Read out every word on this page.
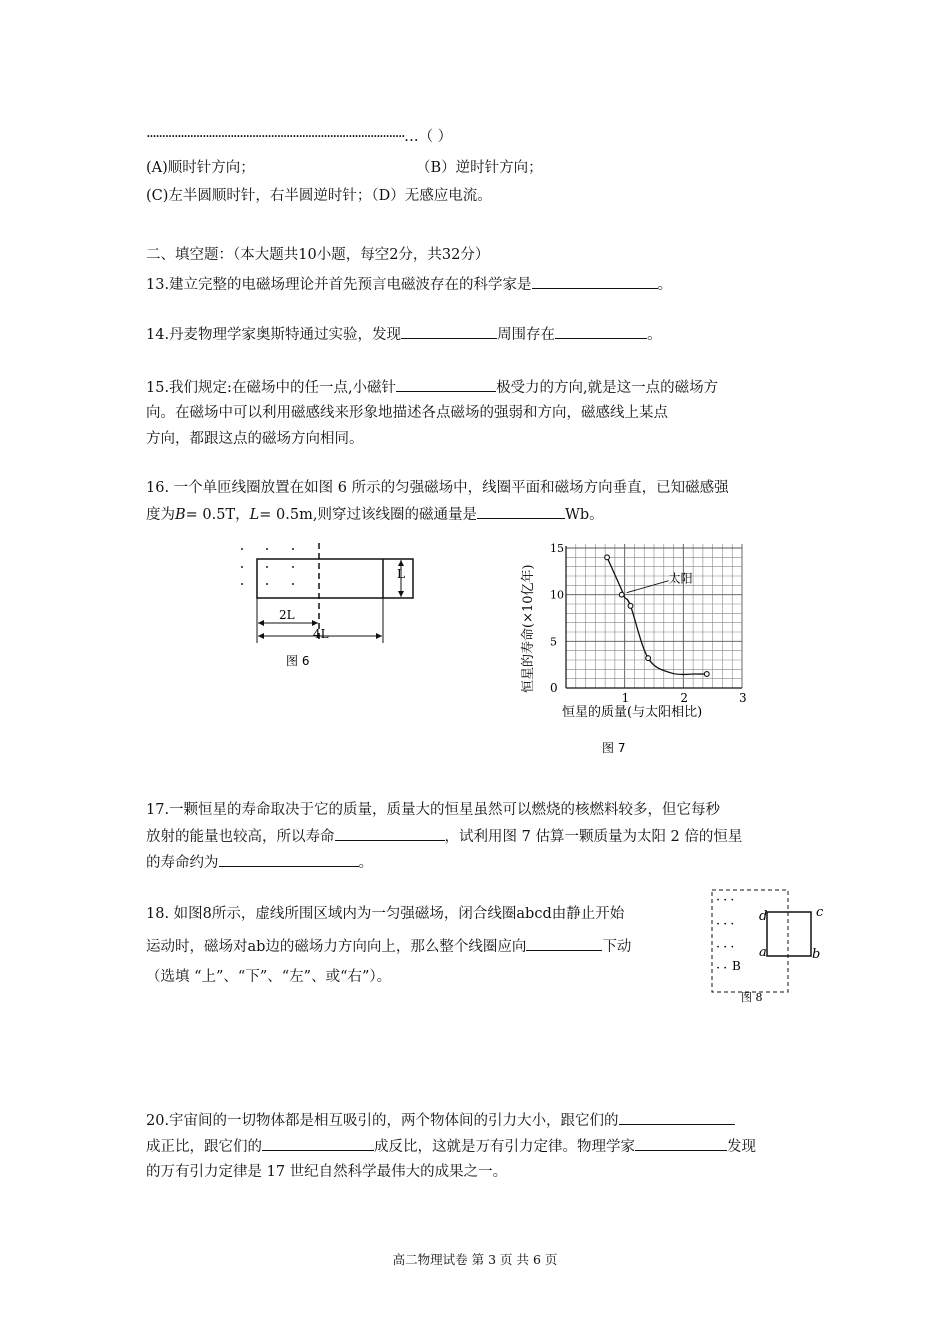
···················································································…（ ）
(A)顺时针方向；	（B）逆时针方向；
(C)左半圆顺时针，右半圆逆时针；（D）无感应电流。
二、填空题：（本大题共10小题，每空2分，共32分）
13.建立完整的电磁场理论并首先预言电磁波存在的科学家是	。
14.丹麦物理学家奥斯特通过实验，发现	周围存在	。
15.我们规定:在磁场中的任一点,小磁针	极受力的方向,就是这一点的磁场方
向。在磁场中可以利用磁感线来形象地描述各点磁场的强弱和方向，磁感线上某点
方向，都跟这点的磁场方向相同。
16. 一个单匝线圈放置在如图 6 所示的匀强磁场中，线圈平面和磁场方向垂直，已知磁感强
度为B= 0.5T，L= 0.5m,则穿过该线圈的磁通量是	Wb。
L
2L
4L
图 6
太阳
0
15
10
5
1	2	3
恒星的寿命(×10亿年)
恒星的质量(与太阳相比)
图 7
17.一颗恒星的寿命取决于它的质量，质量大的恒星虽然可以燃烧的核燃料较多，但它每秒
放射的能量也较高，所以寿命	，试利用图 7 估算一颗质量为太阳 2 倍的恒星
的寿命约为	。
18. 如图8所示，虚线所围区域内为一匀强磁场，闭合线圈abcd由静止开始
运动时，磁场对ab边的磁场力方向向上，那么整个线圈应向	下动
（选填 “上”、“下”、“左”、或“右”）。
···
···
···
·· B
d	c
a	b
图 8
20.宇宙间的一切物体都是相互吸引的，两个物体间的引力大小，跟它们的
成正比，跟它们的	成反比，这就是万有引力定律。物理学家	发现
的万有引力定律是 17 世纪自然科学最伟大的成果之一。
高二物理试卷 第 3 页 共 6 页
